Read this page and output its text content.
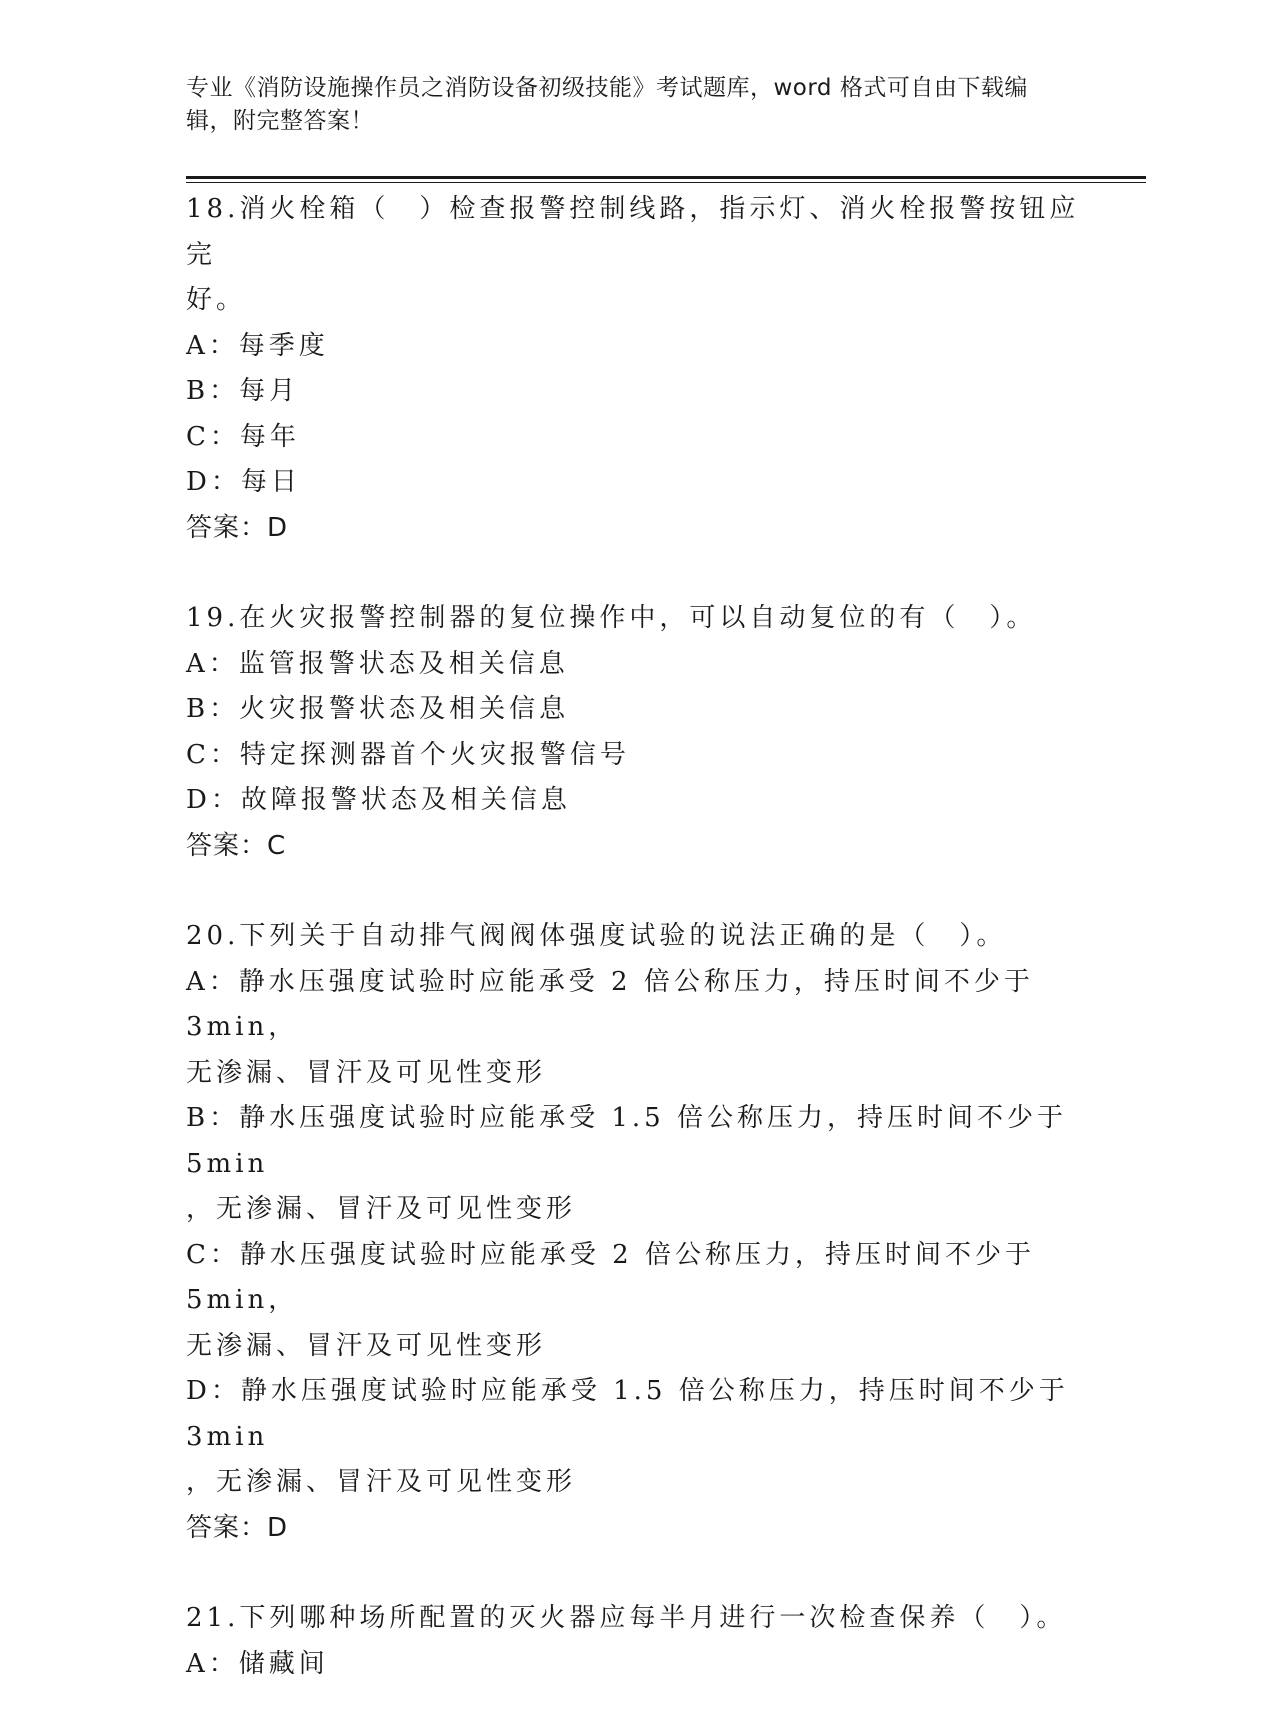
专业《消防设施操作员之消防设备初级技能》考试题库，word 格式可自由下载编
辑，附完整答案！
18.消火栓箱（　）检查报警控制线路，指示灯、消火栓报警按钮应完
好。
A：每季度
B：每月
C：每年
D：每日
答案：D
19.在火灾报警控制器的复位操作中，可以自动复位的有（　）。
A：监管报警状态及相关信息
B：火灾报警状态及相关信息
C：特定探测器首个火灾报警信号
D：故障报警状态及相关信息
答案：C
20.下列关于自动排气阀阀体强度试验的说法正确的是（　）。
A：静水压强度试验时应能承受 2 倍公称压力，持压时间不少于 3min，
无渗漏、冒汗及可见性变形
B：静水压强度试验时应能承受 1.5 倍公称压力，持压时间不少于 5min
，无渗漏、冒汗及可见性变形
C：静水压强度试验时应能承受 2 倍公称压力，持压时间不少于 5min，
无渗漏、冒汗及可见性变形
D：静水压强度试验时应能承受 1.5 倍公称压力，持压时间不少于 3min
，无渗漏、冒汗及可见性变形
答案：D
21.下列哪种场所配置的灭火器应每半月进行一次检查保养（　）。
A：储藏间
